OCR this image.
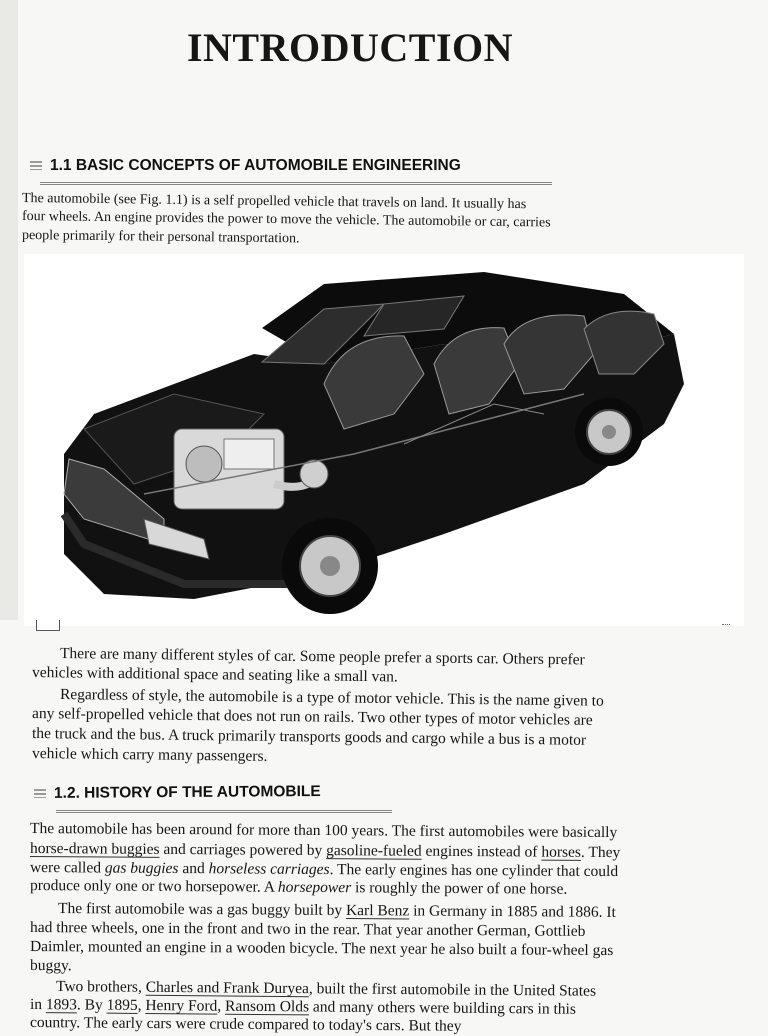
INTRODUCTION
1.1 BASIC CONCEPTS OF AUTOMOBILE ENGINEERING
The automobile (see Fig. 1.1) is a self propelled vehicle that travels on land. It usually has
four wheels. An engine provides the power to move the vehicle. The automobile or car, carries
people primarily for their personal transportation.
There are many different styles of car. Some people prefer a sports car. Others prefer
vehicles with additional space and seating like a small van.
Regardless of style, the automobile is a type of motor vehicle. This is the name given to
any self-propelled vehicle that does not run on rails. Two other types of motor vehicles are
the truck and the bus. A truck primarily transports goods and cargo while a bus is a motor
vehicle which carry many passengers.
1.2. HISTORY OF THE AUTOMOBILE
The automobile has been around for more than 100 years. The first automobiles were basically
horse-drawn buggies and carriages powered by gasoline-fueled engines instead of horses. They
were called gas buggies and horseless carriages. The early engines has one cylinder that could
produce only one or two horsepower. A horsepower is roughly the power of one horse.
The first automobile was a gas buggy built by Karl Benz in Germany in 1885 and 1886. It
had three wheels, one in the front and two in the rear. That year another German, Gottlieb
Daimler, mounted an engine in a wooden bicycle. The next year he also built a four-wheel gas
buggy.
Two brothers, Charles and Frank Duryea, built the first automobile in the United States
in 1893. By 1895, Henry Ford, Ransom Olds and many others were building cars in this
country. The early cars were crude compared to today's cars. But they
